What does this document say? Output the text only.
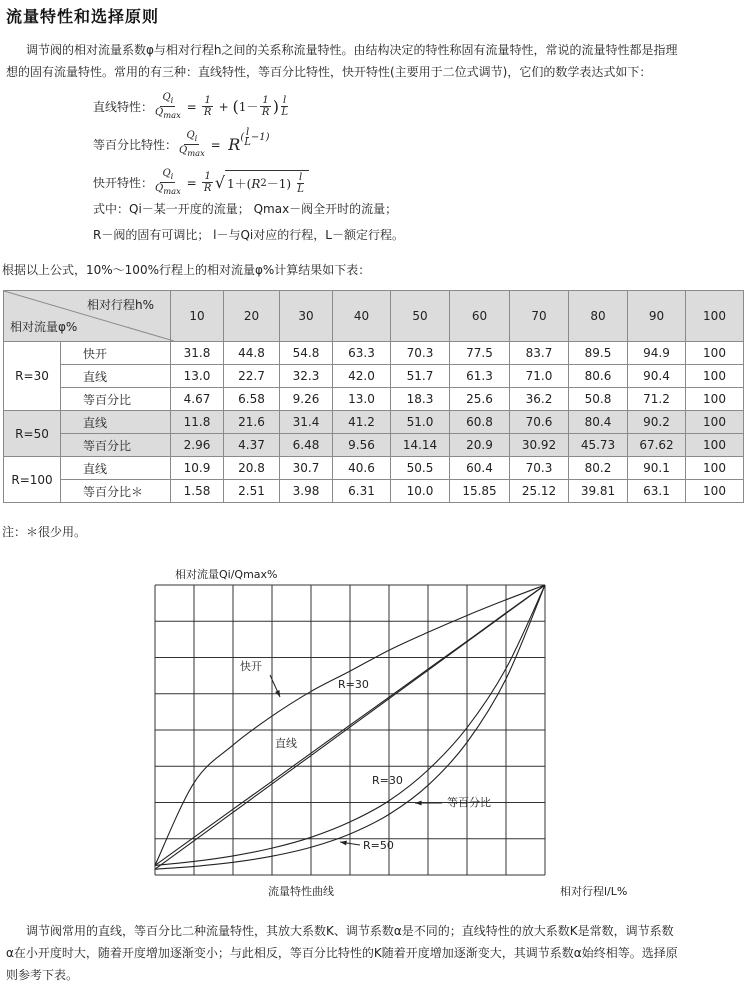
流量特性和选择原则
调节阀的相对流量系数φ与相对行程h之间的关系称流量特性。由结构决定的特性称固有流量特性，常说的流量特性都是指理
想的固有流量特性。常用的有三种：直线特性，等百分比特性，快开特性(主要用于二位式调节)，它们的数学表达式如下：
直线特性： $\frac{Q_i}{Q_{max}} = \frac{1}{R}$ + ( $1- \frac{1}{R}$ ) $\frac{l}{L}$
等百分比特性： $\frac{Q_i}{Q_{max}} = R$ ( $\frac{l}{L} -1$)
快开特性： $\frac{Q_i}{Q_{max}} = \frac{1}{R}$ √ 1＋( R $2 -1) \frac{l}{L}$
式中：Qi－某一开度的流量； Qmax－阀全开时的流量；
R－阀的固有可调比； l－与Qi对应的行程，L－额定行程。
根据以上公式，10%～100%行程上的相对流量φ%计算结果如下表：
相对行程h%
相对流量φ%		10	20	30	40	50	60	70	80	90	100
R=30	快开	31.8	44.8	54.8	63.3	70.3	77.5	83.7	89.5	94.9	100
	直线	13.0	22.7	32.3	42.0	51.7	61.3	71.0	80.6	90.4	100
	等百分比	4.67	6.58	9.26	13.0	18.3	25.6	36.2	50.8	71.2	100
R=50	直线	11.8	21.6	31.4	41.2	51.0	60.8	70.6	80.4	90.2	100
	等百分比	2.96	4.37	6.48	9.56	14.14	20.9	30.92	45.73	67.62	100
R=100	直线	10.9	20.8	30.7	40.6	50.5	60.4	70.3	80.2	90.1	100
	等百分比＊	1.58	2.51	3.98	6.31	10.0	15.85	25.12	39.81	63.1	100
注：＊很少用。
相对流量Qi/Qmax%
快开
R=30
直线
R=30
等百分比
R=50
流量特性曲线	相对行程l/L%
调节阀常用的直线，等百分比二种流量特性，其放大系数K、调节系数α是不同的；直线特性的放大系数K是常数，调节系数
α在小开度时大，随着开度增加逐渐变小；与此相反，等百分比特性的K随着开度增加逐渐变大，其调节系数α始终相等。选择原
则参考下表。
